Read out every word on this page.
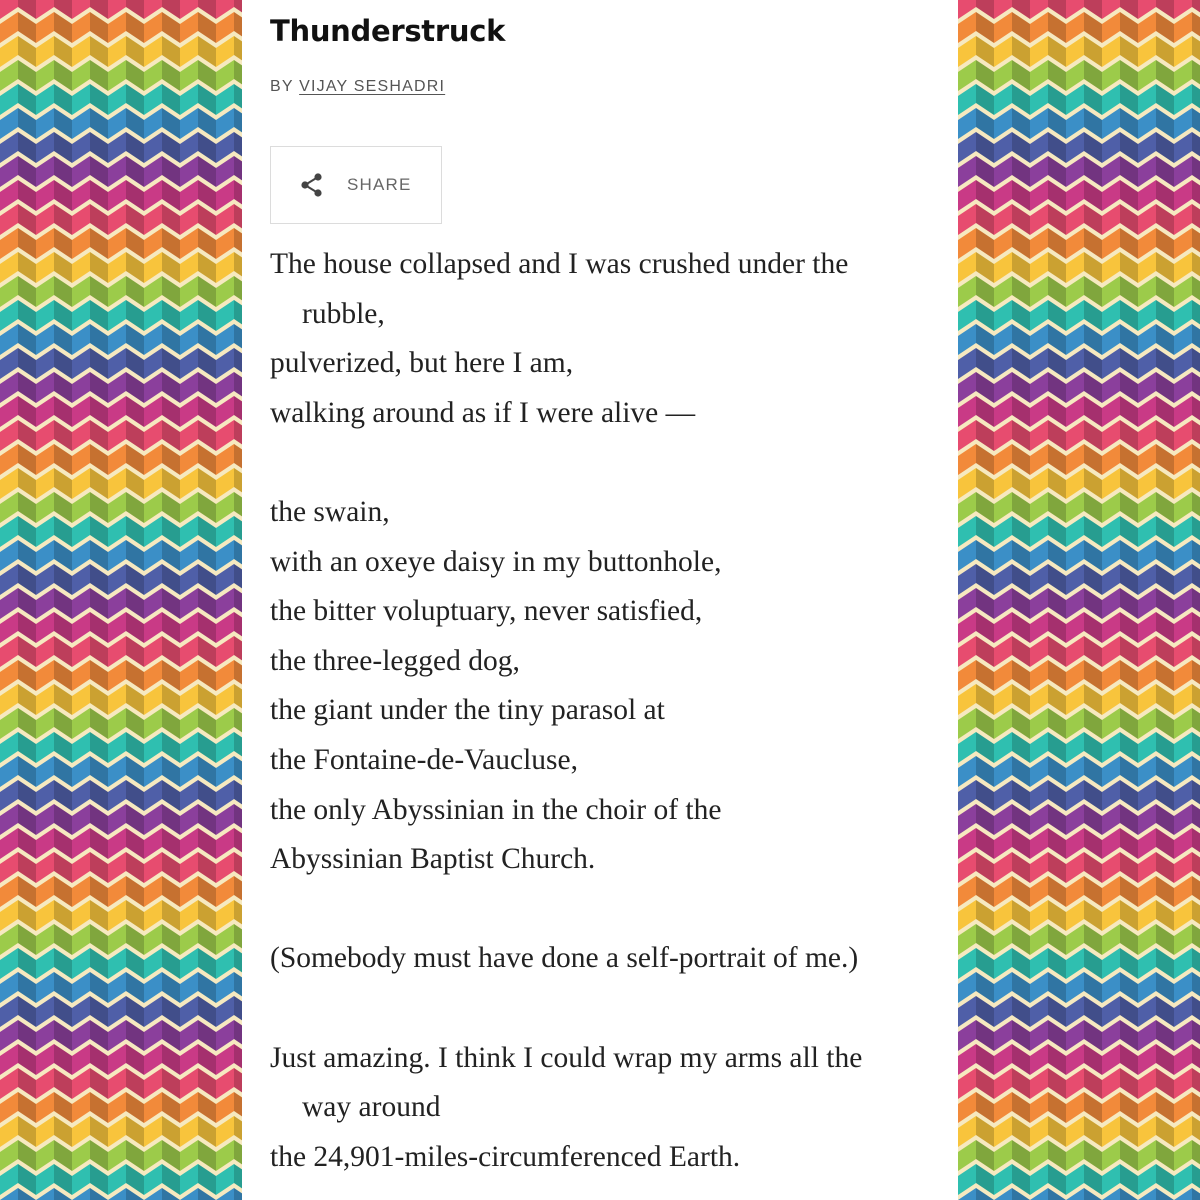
Thunderstruck
BY VIJAY SESHADRI
SHARE
The house collapsed and I was crushed under the
rubble,
pulverized, but here I am,
walking around as if I were alive —
the swain,
with an oxeye daisy in my buttonhole,
the bitter voluptuary, never satisfied,
the three-legged dog,
the giant under the tiny parasol at
the Fontaine-de-Vaucluse,
the only Abyssinian in the choir of the
Abyssinian Baptist Church.
(Somebody must have done a self-portrait of me.)
Just amazing. I think I could wrap my arms all the
way around
the 24,901-miles-circumferenced Earth.
